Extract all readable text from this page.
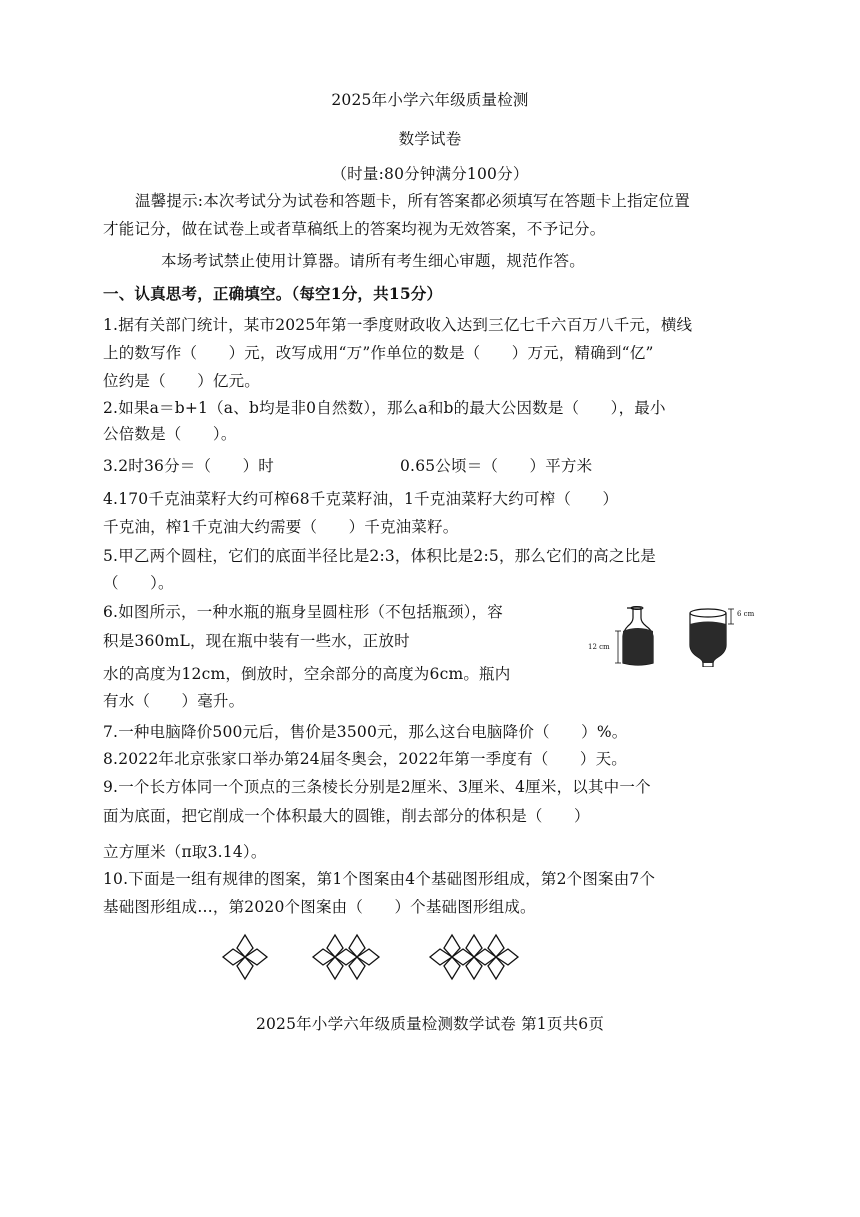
2025年小学六年级质量检测
数学试卷
（时量:80分钟满分100分）
温馨提示:本次考试分为试卷和答题卡，所有答案都必须填写在答题卡上指定位置
才能记分，做在试卷上或者草稿纸上的答案均视为无效答案，不予记分。
本场考试禁止使用计算器。请所有考生细心审题，规范作答。
一、认真思考，正确填空。（每空1分，共15分）
1.据有关部门统计，某市2025年第一季度财政收入达到三亿七千六百万八千元，横线
上的数写作（　　）元，改写成用“万”作单位的数是（　　）万元，精确到“亿”
位约是（　　）亿元。
2.如果a＝b+1（a、b均是非0自然数），那么a和b的最大公因数是（　　），最小
公倍数是（　　）。
3.2时36分＝（　　）时	0.65公顷＝（　　）平方米
4.170千克油菜籽大约可榨68千克菜籽油，1千克油菜籽大约可榨（　　）
千克油，榨1千克油大约需要（　　）千克油菜籽。
5.甲乙两个圆柱，它们的底面半径比是2:3，体积比是2:5，那么它们的高之比是
（　　）。
6.如图所示，一种水瓶的瓶身呈圆柱形（不包括瓶颈），容
积是360mL，现在瓶中装有一些水，正放时
水的高度为12cm，倒放时，空余部分的高度为6cm。瓶内
有水（　　）毫升。
12 cm
6 cm
7.一种电脑降价500元后，售价是3500元，那么这台电脑降价（　　）%。
8.2022年北京张家口举办第24届冬奥会，2022年第一季度有（　　）天。
9.一个长方体同一个顶点的三条棱长分别是2厘米、3厘米、4厘米，以其中一个
面为底面，把它削成一个体积最大的圆锥，削去部分的体积是（　　）
立方厘米（π取3.14）。
10.下面是一组有规律的图案，第1个图案由4个基础图形组成，第2个图案由7个
基础图形组成…，第2020个图案由（　　）个基础图形组成。
2025年小学六年级质量检测数学试卷 第1页共6页
